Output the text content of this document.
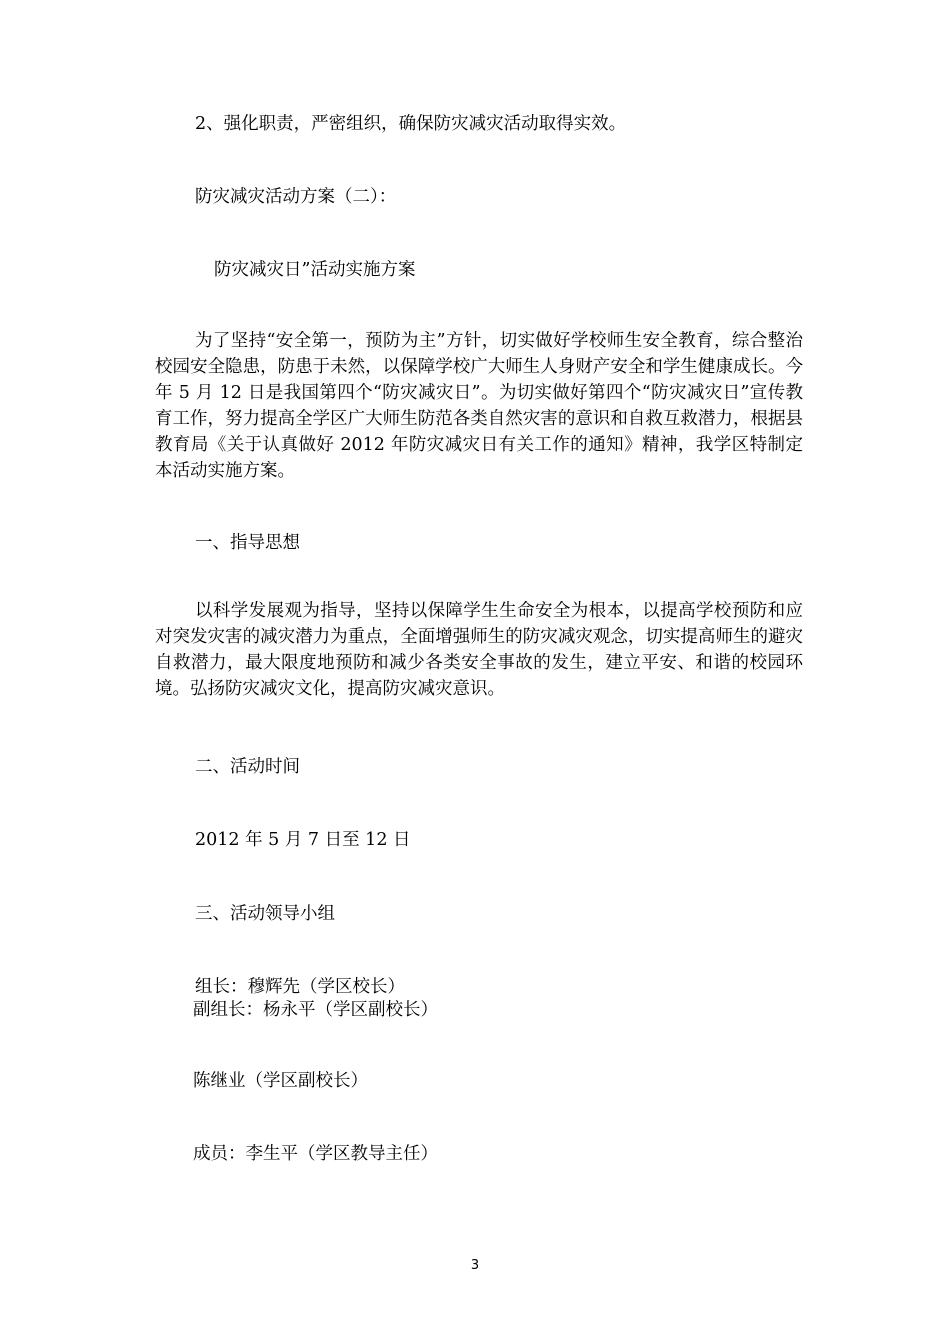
2、强化职责，严密组织，确保防灾减灾活动取得实效。
防灾减灾活动方案（二）：
防灾减灾日”活动实施方案
为了坚持“安全第一，预防为主”方针，切实做好学校师生安全教育，综合整治校园安全隐患，防患于未然，以保障学校广大师生人身财产安全和学生健康成长。今年 5 月 12 日是我国第四个“防灾减灾日”。为切实做好第四个“防灾减灾日”宣传教育工作，努力提高全学区广大师生防范各类自然灾害的意识和自救互救潜力，根据县教育局《关于认真做好 2012 年防灾减灾日有关工作的通知》精神，我学区特制定本活动实施方案。
一、指导思想
以科学发展观为指导，坚持以保障学生生命安全为根本，以提高学校预防和应对突发灾害的减灾潜力为重点，全面增强师生的防灾减灾观念，切实提高师生的避灾自救潜力，最大限度地预防和减少各类安全事故的发生，建立平安、和谐的校园环境。弘扬防灾减灾文化，提高防灾减灾意识。
二、活动时间
2012 年 5 月 7 日至 12 日
三、活动领导小组
组长：穆辉先（学区校长）
副组长：杨永平（学区副校长）
陈继业（学区副校长）
成员：李生平（学区教导主任）
3
